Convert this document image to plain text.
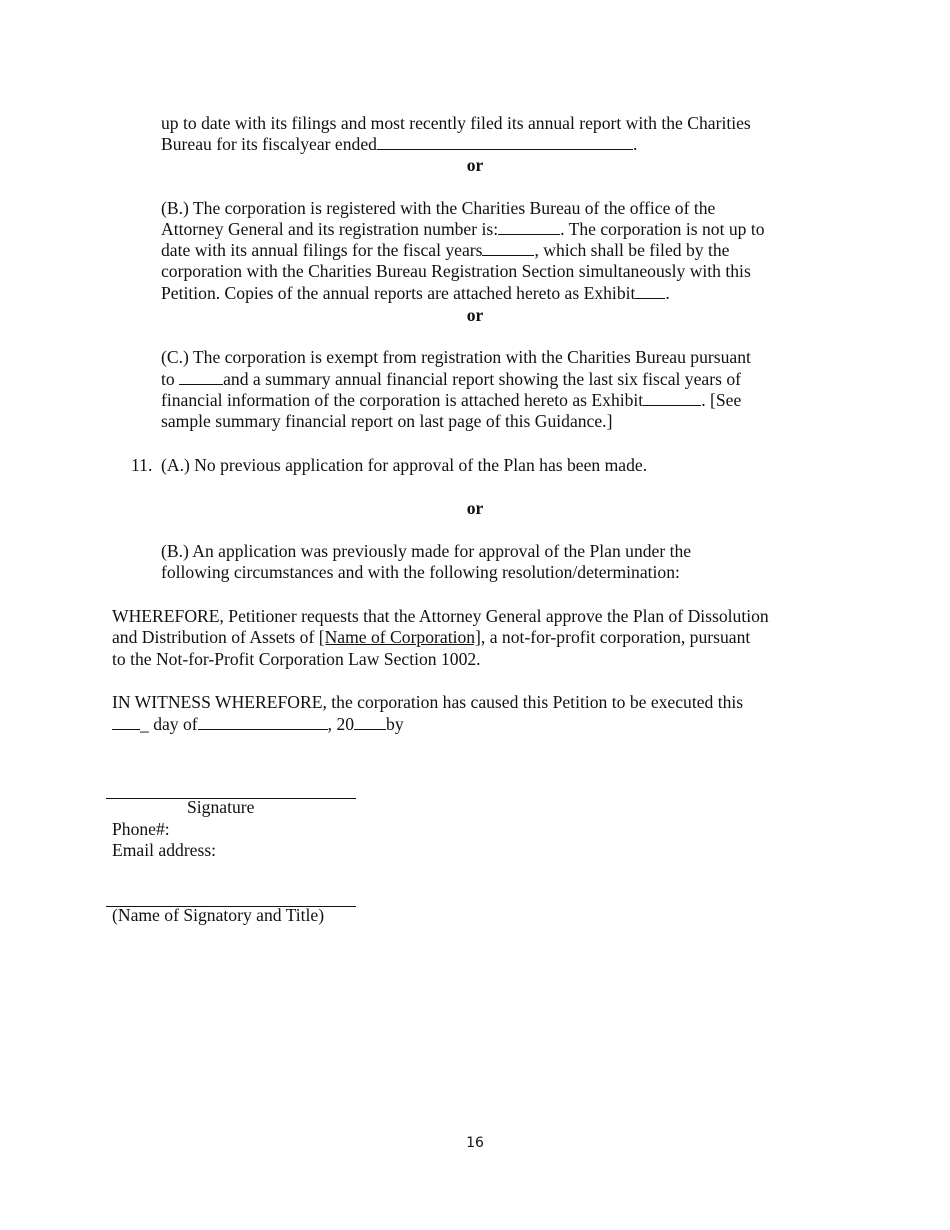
up to date with its filings and most recently filed its annual report with the Charities
Bureau for its fiscalyear ended	.
or
(B.) The corporation is registered with the Charities Bureau of the office of the
Attorney General and its registration number is:	. The corporation is not up to
date with its annual filings for the fiscal years	, which shall be filed by the
corporation with the Charities Bureau Registration Section simultaneously with this
Petition. Copies of the annual reports are attached hereto as Exhibit .
or
(C.) The corporation is exempt from registration with the Charities Bureau pursuant
to	and a summary annual financial report showing the last six fiscal years of
financial information of the corporation is attached hereto as Exhibit	. [See
sample summary financial report on last page of this Guidance.]
11. (A.) No previous application for approval of the Plan has been made.
or
(B.) An application was previously made for approval of the Plan under the
following circumstances and with the following resolution/determination:
WHEREFORE, Petitioner requests that the Attorney General approve the Plan of Dissolution
and Distribution of Assets of [Name of Corporation], a not-for-profit corporation, pursuant
to the Not-for-Profit Corporation Law Section 1002.
IN WITNESS WHEREFORE, the corporation has caused this Petition to be executed this
_ day of	, 20 by
Signature
Phone#:
Email address:
(Name of Signatory and Title)
16
